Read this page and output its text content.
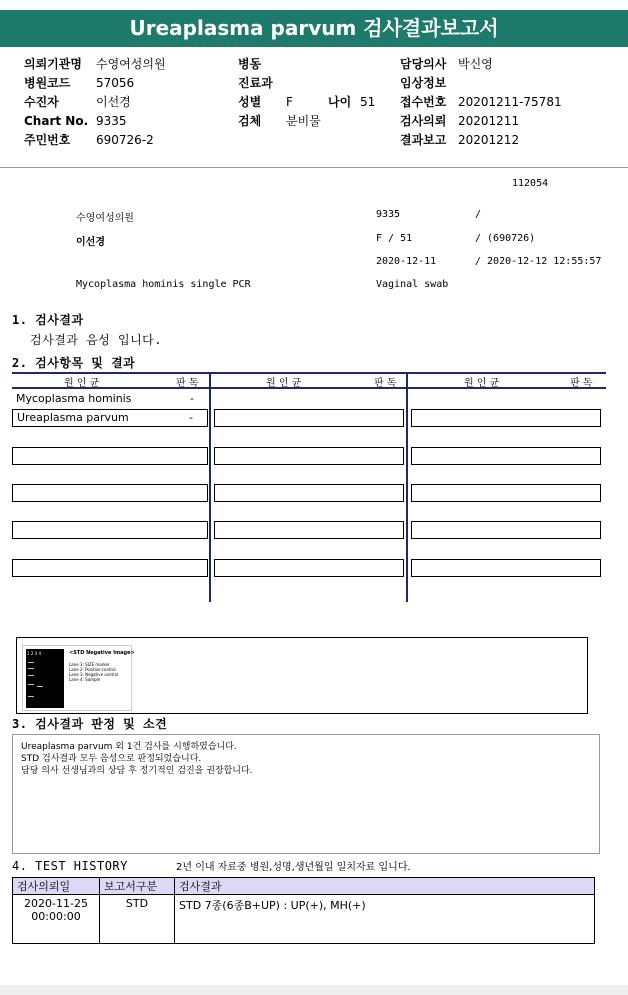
Ureaplasma parvum 검사결과보고서
의뢰기관명 수영여성의원
병원코드 57056
수진자	이선경
Chart No. 9335
주민번호 690726-2
병동
진료과
성별 F	나이 51
검체 분비물
담당의사 박신영
임상정보
접수번호 20201211-75781
검사의뢰 20201211
결과보고 20201212
112054
수영여성의원	9335	/
이선경	F / 51	/ (690726)
2020-12-11	/ 2020-12-12 12:55:57
Mycoplasma hominis single PCR	Vaginal swab
1. 검사결과
검사결과 음성 입니다.
2. 검사항목 및 결과
원 인 균	판 독	원 인 균	판 독	원 인 균	판 독
Mycoplasma hominis	-
Ureaplasma parvum	-
1 2 3 4	<STD Negative Image>
Lane 1: SIZE marker
Lane 2: Positive control
Lane 3: Negative control
Lane 4: Sample
3. 검사결과 판정 및 소견
Ureaplasma parvum 외 1건 검사를 시행하였습니다.
STD 검사결과 모두 음성으로 판정되었습니다.
담당 의사 선생님과의 상담 후 정기적인 검진을 권장합니다.
4. TEST HISTORY	2년 이내 자료중 병원,성명,생년월일 일치자료 입니다.
검사의뢰일	보고서구분	검사결과

2020-11-25
00:00:00	STD	STD 7종(6종B+UP) : UP(+), MH(+)
